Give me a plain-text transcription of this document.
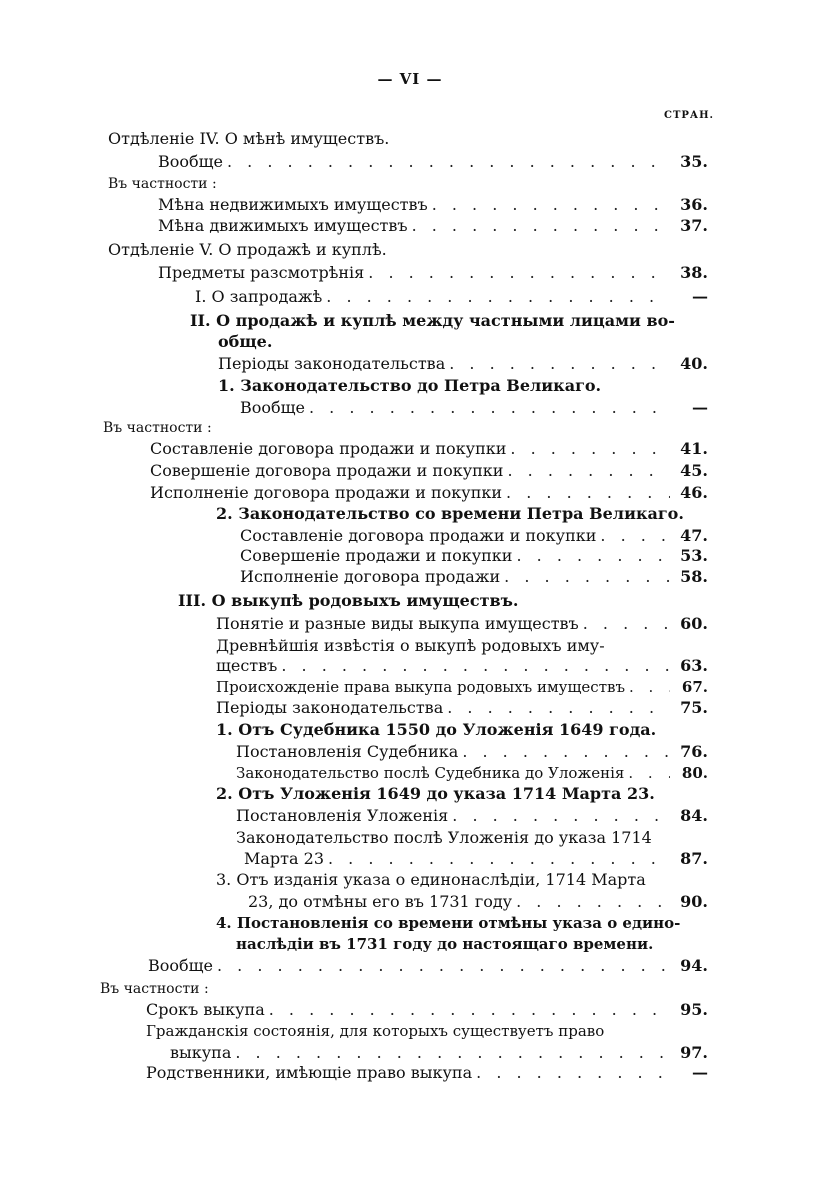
— VI —
СТРАН.
Отдѣленіе IV. О мѣнѣ имуществъ.
Вообще . . .	35.
Въ частности :
Мѣна недвижимыхъ имуществъ . . .	36.
Мѣна движимыхъ имуществъ . . .	37.
Отдѣленіе V. О продажѣ и куплѣ.
Предметы разсмотрѣнія . . .	38.
I. О запродажѣ . . .	—
II. О продажѣ и куплѣ между частными лицами во-
обще.
Періоды законодательства . . .	40.
1. Законодательство до Петра Великаго.
Вообще . . .	—
Въ частности :
Составленіе договора продажи и покупки . . .	41.
Совершеніе договора продажи и покупки . . .	45.
Исполненіе договора продажи и покупки . . .	46.
2. Законодательство со времени Петра Великаго.
Составленіе договора продажи и покупки . . .	47.
Совершеніе продажи и покупки . . .	53.
Исполненіе договора продажи . . .	58.
III. О выкупѣ родовыхъ имуществъ.
Понятіе и разные виды выкупа имуществъ . . .	60.
Древнѣйшія извѣстія о выкупѣ родовыхъ иму-
ществъ . . .	63.
Происхожденіе права выкупа родовыхъ имуществъ . . .	67.
Періоды законодательства . . .	75.
1. Отъ Судебника 1550 до Уложенія 1649 года.
Постановленія Судебника . . .	76.
Законодательство послѣ Судебника до Уложенія . . .	80.
2. Отъ Уложенія 1649 до указа 1714 Марта 23.
Постановленія Уложенія . . .	84.
Законодательство послѣ Уложенія до указа 1714
Марта 23 . . .	87.
3. Отъ изданія указа о единонаслѣдіи, 1714 Марта
23, до отмѣны его въ 1731 году . . .	90.
4. Постановленія со времени отмѣны указа о едино-
наслѣдіи въ 1731 году до настоящаго времени.
Вообще . . .	94.
Въ частности :
Срокъ выкупа . . .	95.
Гражданскія состоянія, для которыхъ существуетъ право
выкупа . . .	97.
Родственники, имѣющіе право выкупа . . .	—
